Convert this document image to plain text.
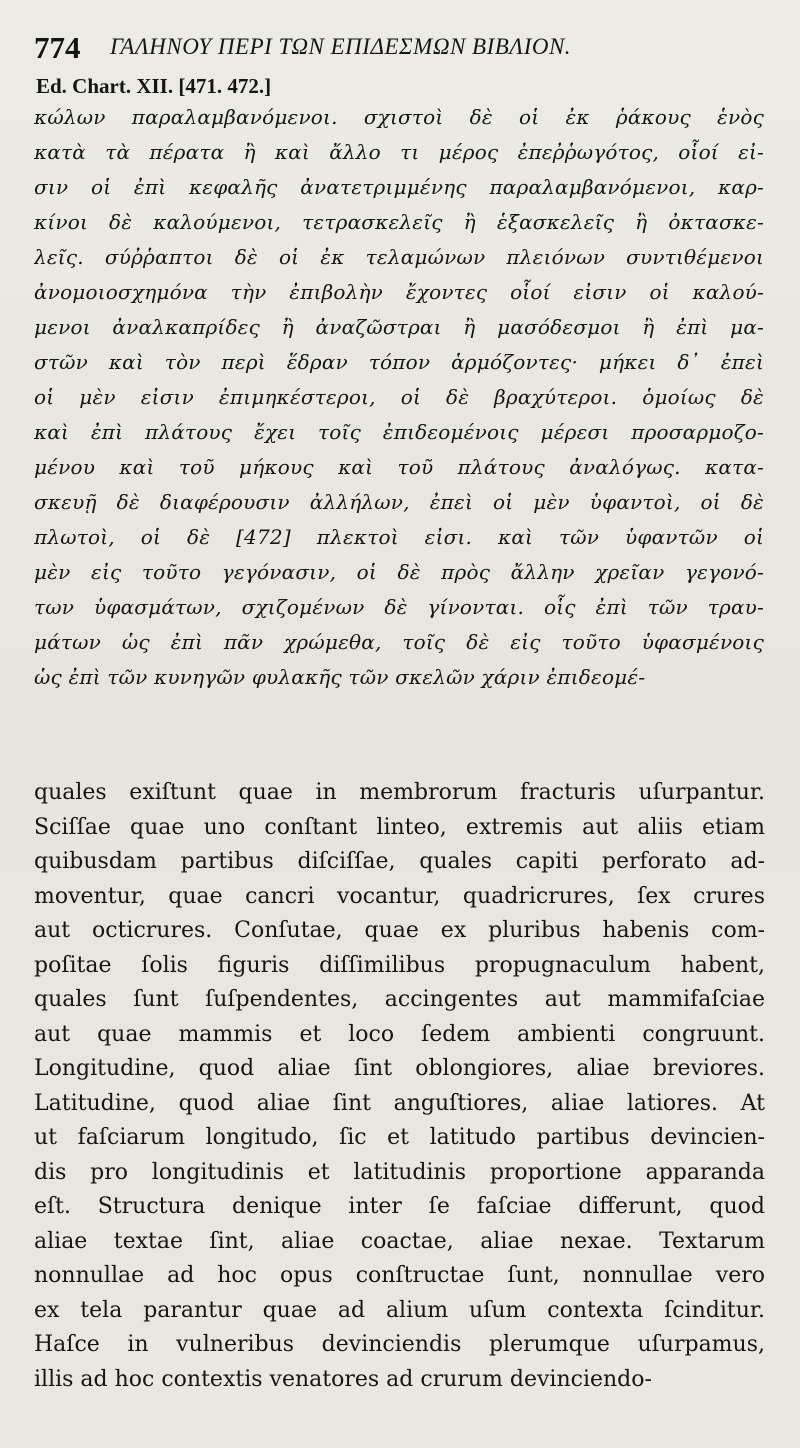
774 ΓΑΛΗΝΟΥ ΠΕΡΙ ΤΩΝ ΕΠΙΔΕΣΜΩΝ ΒΙΒΛΙΟΝ.
Ed. Chart. XII. [471. 472.]
κώλων παραλαμβανόμενοι. σχιστοὶ δὲ οἱ ἐκ ῥάκους ἑνὸς
κατὰ τὰ πέρατα ἢ καὶ ἄλλο τι μέρος ἐπεῤῥωγότος, οἷοί εἰ-
σιν οἱ ἐπὶ κεφαλῆς ἀνατετριμμένης παραλαμβανόμενοι, καρ-
κίνοι δὲ καλούμενοι, τετρασκελεῖς ἢ ἑξασκελεῖς ἢ ὀκτασκε-
λεῖς. σύῤῥαπτοι δὲ οἱ ἐκ τελαμώνων πλειόνων συντιθέμενοι
ἀνομοιοσχημόνα τὴν ἐπιβολὴν ἔχοντες οἷοί εἰσιν οἱ καλού-
μενοι ἀναλκαπρίδες ἢ ἀναζῶστραι ἢ μασόδεσμοι ἢ ἐπὶ μα-
στῶν καὶ τὸν περὶ ἕδραν τόπον ἁρμόζοντες· μήκει δ᾽ ἐπεὶ
οἱ μὲν εἰσιν ἐπιμηκέστεροι, οἱ δὲ βραχύτεροι. ὁμοίως δὲ
καὶ ἐπὶ πλάτους ἔχει τοῖς ἐπιδεομένοις μέρεσι προσαρμοζο-
μένου καὶ τοῦ μήκους καὶ τοῦ πλάτους ἀναλόγως. κατα-
σκευῇ δὲ διαφέρουσιν ἀλλήλων, ἐπεὶ οἱ μὲν ὑφαντοὶ, οἱ δὲ
πλωτοὶ, οἱ δὲ [472] πλεκτοὶ εἰσι. καὶ τῶν ὑφαντῶν οἱ
μὲν εἰς τοῦτο γεγόνασιν, οἱ δὲ πρὸς ἄλλην χρεῖαν γεγονό-
των ὑφασμάτων, σχιζομένων δὲ γίνονται. οἷς ἐπὶ τῶν τραυ-
μάτων ὡς ἐπὶ πᾶν χρώμεθα, τοῖς δὲ εἰς τοῦτο ὑφασμένοις
ὡς ἐπὶ τῶν κυνηγῶν φυλακῆς τῶν σκελῶν χάριν ἐπιδεομέ-
quales exiſtunt quae in membrorum fracturis uſurpantur.
Sciſſae quae uno conſtant linteo, extremis aut aliis etiam
quibusdam partibus diſciſſae, quales capiti perforato ad-
moventur, quae cancri vocantur, quadricrures, ſex crures
aut octicrures. Conſutae, quae ex pluribus habenis com-
poſitae ſolis figuris diſſimilibus propugnaculum habent,
quales ſunt ſuſpendentes, accingentes aut mammifaſciae
aut quae mammis et loco ſedem ambienti congruunt.
Longitudine, quod aliae ſint oblongiores, aliae breviores.
Latitudine, quod aliae ſint anguſtiores, aliae latiores. At
ut faſciarum longitudo, ſic et latitudo partibus devincien-
dis pro longitudinis et latitudinis proportione apparanda
eſt. Structura denique inter ſe faſciae differunt, quod
aliae textae ſint, aliae coactae, aliae nexae. Textarum
nonnullae ad hoc opus conſtructae ſunt, nonnullae vero
ex tela parantur quae ad alium uſum contexta ſcinditur.
Haſce in vulneribus devinciendis plerumque uſurpamus,
illis ad hoc contextis venatores ad crurum devinciendo-
